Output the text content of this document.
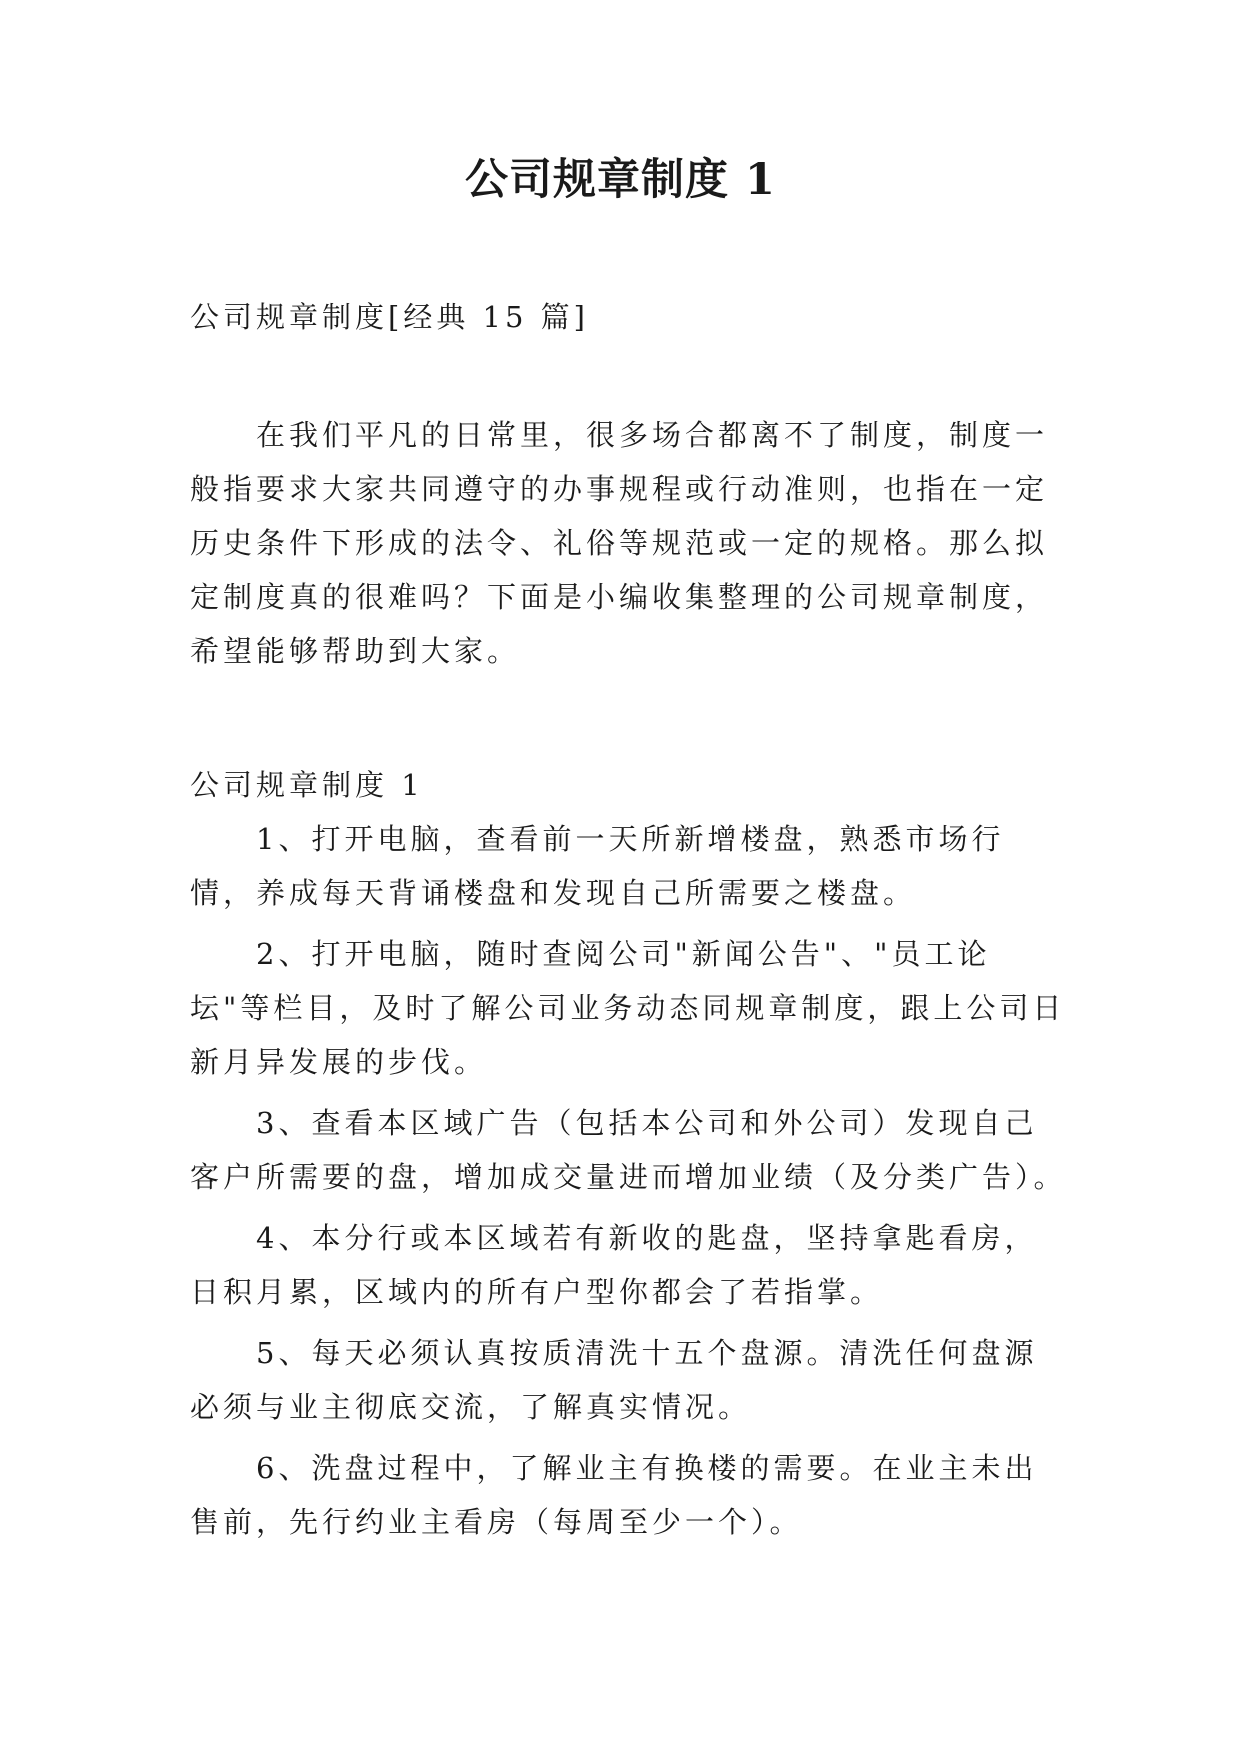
公司规章制度 1

公司规章制度[经典 15 篇]

在我们平凡的日常里，很多场合都离不了制度，制度一般指要求大家共同遵守的办事规程或行动准则，也指在一定历史条件下形成的法令、礼俗等规范或一定的规格。那么拟定制度真的很难吗？下面是小编收集整理的公司规章制度，希望能够帮助到大家。

公司规章制度 1

1、打开电脑，查看前一天所新增楼盘，熟悉市场行情，养成每天背诵楼盘和发现自己所需要之楼盘。
2、打开电脑，随时查阅公司"新闻公告"、"员工论坛"等栏目，及时了解公司业务动态同规章制度，跟上公司日新月异发展的步伐。
3、查看本区域广告（包括本公司和外公司）发现自己客户所需要的盘，增加成交量进而增加业绩（及分类广告）。
4、本分行或本区域若有新收的匙盘，坚持拿匙看房，日积月累，区域内的所有户型你都会了若指掌。
5、每天必须认真按质清洗十五个盘源。清洗任何盘源必须与业主彻底交流，了解真实情况。
6、洗盘过程中，了解业主有换楼的需要。在业主未出售前，先行约业主看房（每周至少一个）。
